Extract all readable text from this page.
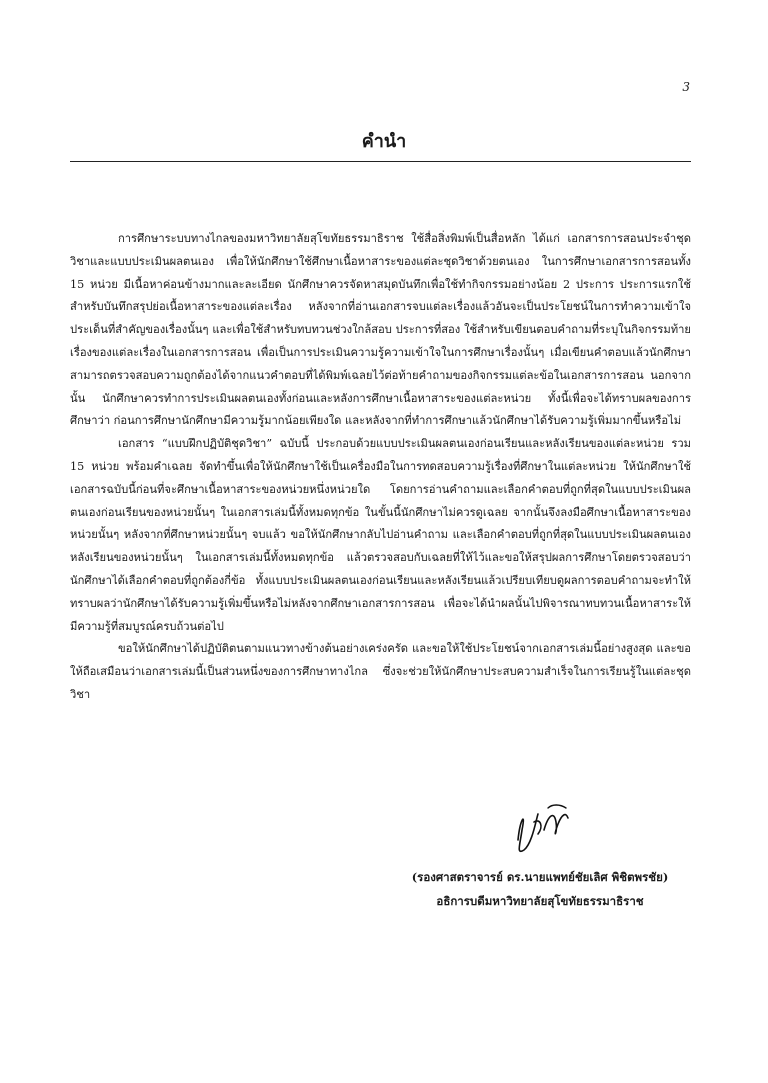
3
คำนำ

การศึกษาระบบทางไกลของมหาวิทยาลัยสุโขทัยธรรมาธิราช ใช้สื่อสิ่งพิมพ์เป็นสื่อหลัก ได้แก่ เอกสารการสอนประจำชุดวิชาและแบบประเมินผลตนเอง เพื่อให้นักศึกษาใช้ศึกษาเนื้อหาสาระของแต่ละชุดวิชาด้วยตนเอง ในการศึกษาเอกสารการสอนทั้ง 15 หน่วย มีเนื้อหาค่อนข้างมากและละเอียด นักศึกษาควรจัดหาสมุดบันทึกเพื่อใช้ทำกิจกรรมอย่างน้อย 2 ประการ ประการแรกใช้สำหรับบันทึกสรุปย่อเนื้อหาสาระของแต่ละเรื่อง หลังจากที่อ่านเอกสารจบแต่ละเรื่องแล้วอันจะเป็นประโยชน์ในการทำความเข้าใจประเด็นที่สำคัญของเรื่องนั้นๆ และเพื่อใช้สำหรับทบทวนช่วงใกล้สอบ ประการที่สอง ใช้สำหรับเขียนตอบคำถามที่ระบุในกิจกรรมท้ายเรื่องของแต่ละเรื่องในเอกสารการสอน เพื่อเป็นการประเมินความรู้ความเข้าใจในการศึกษาเรื่องนั้นๆ เมื่อเขียนคำตอบแล้วนักศึกษาสามารถตรวจสอบความถูกต้องได้จากแนวคำตอบที่ได้พิมพ์เฉลยไว้ต่อท้ายคำถามของกิจกรรมแต่ละข้อในเอกสารการสอน นอกจากนั้น นักศึกษาควรทำการประเมินผลตนเองทั้งก่อนและหลังการศึกษาเนื้อหาสาระของแต่ละหน่วย ทั้งนี้เพื่อจะได้ทราบผลของการศึกษาว่า ก่อนการศึกษานักศึกษามีความรู้มากน้อยเพียงใด และหลังจากที่ทำการศึกษาแล้วนักศึกษาได้รับความรู้เพิ่มมากขึ้นหรือไม่

เอกสาร “แบบฝึกปฏิบัติชุดวิชา” ฉบับนี้ ประกอบด้วยแบบประเมินผลตนเองก่อนเรียนและหลังเรียนของแต่ละหน่วย รวม 15 หน่วย พร้อมคำเฉลย จัดทำขึ้นเพื่อให้นักศึกษาใช้เป็นเครื่องมือในการทดสอบความรู้เรื่องที่ศึกษาในแต่ละหน่วย ให้นักศึกษาใช้เอกสารฉบับนี้ก่อนที่จะศึกษาเนื้อหาสาระของหน่วยหนึ่งหน่วยใด โดยการอ่านคำถามและเลือกคำตอบที่ถูกที่สุดในแบบประเมินผลตนเองก่อนเรียนของหน่วยนั้นๆ ในเอกสารเล่มนี้ทั้งหมดทุกข้อ ในขั้นนี้นักศึกษาไม่ควรดูเฉลย จากนั้นจึงลงมือศึกษาเนื้อหาสาระของหน่วยนั้นๆ หลังจากที่ศึกษาหน่วยนั้นๆ จบแล้ว ขอให้นักศึกษากลับไปอ่านคำถาม และเลือกคำตอบที่ถูกที่สุดในแบบประเมินผลตนเองหลังเรียนของหน่วยนั้นๆ ในเอกสารเล่มนี้ทั้งหมดทุกข้อ แล้วตรวจสอบกับเฉลยที่ให้ไว้และขอให้สรุปผลการศึกษาโดยตรวจสอบว่านักศึกษาได้เลือกคำตอบที่ถูกต้องกี่ข้อ ทั้งแบบประเมินผลตนเองก่อนเรียนและหลังเรียนแล้วเปรียบเทียบดูผลการตอบคำถามจะทำให้ทราบผลว่านักศึกษาได้รับความรู้เพิ่มขึ้นหรือไม่หลังจากศึกษาเอกสารการสอน เพื่อจะได้นำผลนั้นไปพิจารณาทบทวนเนื้อหาสาระให้มีความรู้ที่สมบูรณ์ครบถ้วนต่อไป

ขอให้นักศึกษาได้ปฏิบัติตนตามแนวทางข้างต้นอย่างเคร่งครัด และขอให้ใช้ประโยชน์จากเอกสารเล่มนี้อย่างสูงสุด และขอให้ถือเสมือนว่าเอกสารเล่มนี้เป็นส่วนหนึ่งของการศึกษาทางไกล ซึ่งจะช่วยให้นักศึกษาประสบความสำเร็จในการเรียนรู้ในแต่ละชุดวิชา

(รองศาสตราจารย์ ดร.นายแพทย์ชัยเลิศ พิชิตพรชัย)
อธิการบดีมหาวิทยาลัยสุโขทัยธรรมาธิราช
